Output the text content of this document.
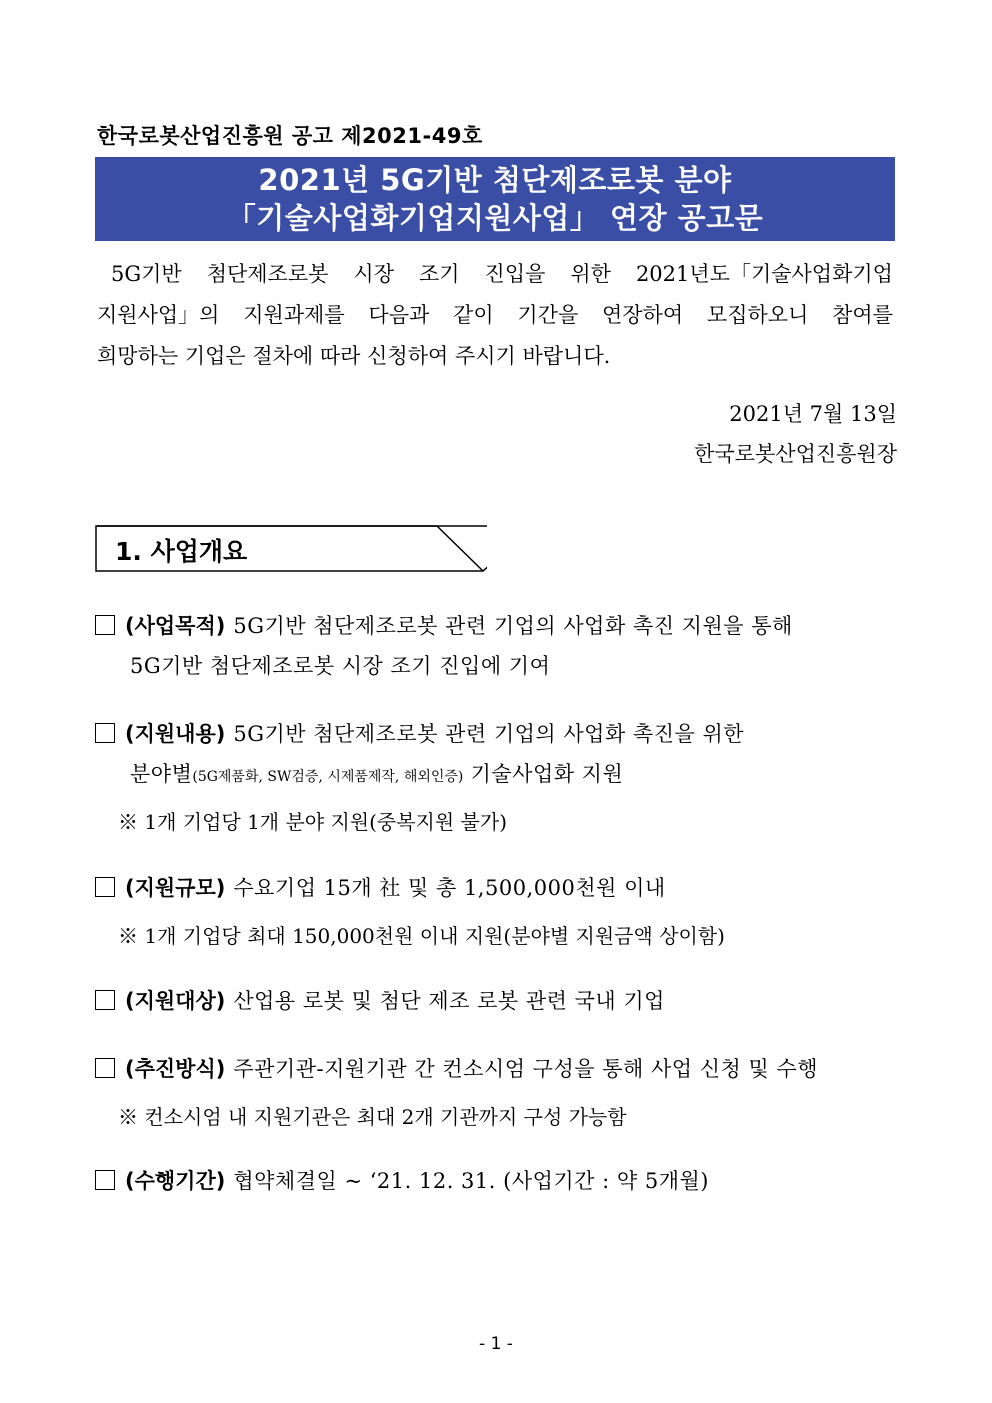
한국로봇산업진흥원 공고 제2021-49호
2021년 5G기반 첨단제조로봇 분야
「기술사업화기업지원사업」 연장 공고문
5G기반 첨단제조로봇 시장 조기 진입을 위한 2021년도「기술사업화기업
지원사업」의 지원과제를 다음과 같이 기간을 연장하여 모집하오니 참여를
희망하는 기업은 절차에 따라 신청하여 주시기 바랍니다.
2021년 7월 13일
한국로봇산업진흥원장
1. 사업개요
(사업목적) 5G기반 첨단제조로봇 관련 기업의 사업화 촉진 지원을 통해
5G기반 첨단제조로봇 시장 조기 진입에 기여
(지원내용) 5G기반 첨단제조로봇 관련 기업의 사업화 촉진을 위한
분야별(5G제품화, SW검증, 시제품제작, 해외인증) 기술사업화 지원
※ 1개 기업당 1개 분야 지원(중복지원 불가)
(지원규모) 수요기업 15개 社 및 총 1,500,000천원 이내
※ 1개 기업당 최대 150,000천원 이내 지원(분야별 지원금액 상이함)
(지원대상) 산업용 로봇 및 첨단 제조 로봇 관련 국내 기업
(추진방식) 주관기관-지원기관 간 컨소시엄 구성을 통해 사업 신청 및 수행
※ 컨소시엄 내 지원기관은 최대 2개 기관까지 구성 가능함
(수행기간) 협약체결일 ~ ‘21. 12. 31. (사업기간 : 약 5개월)
- 1 -
